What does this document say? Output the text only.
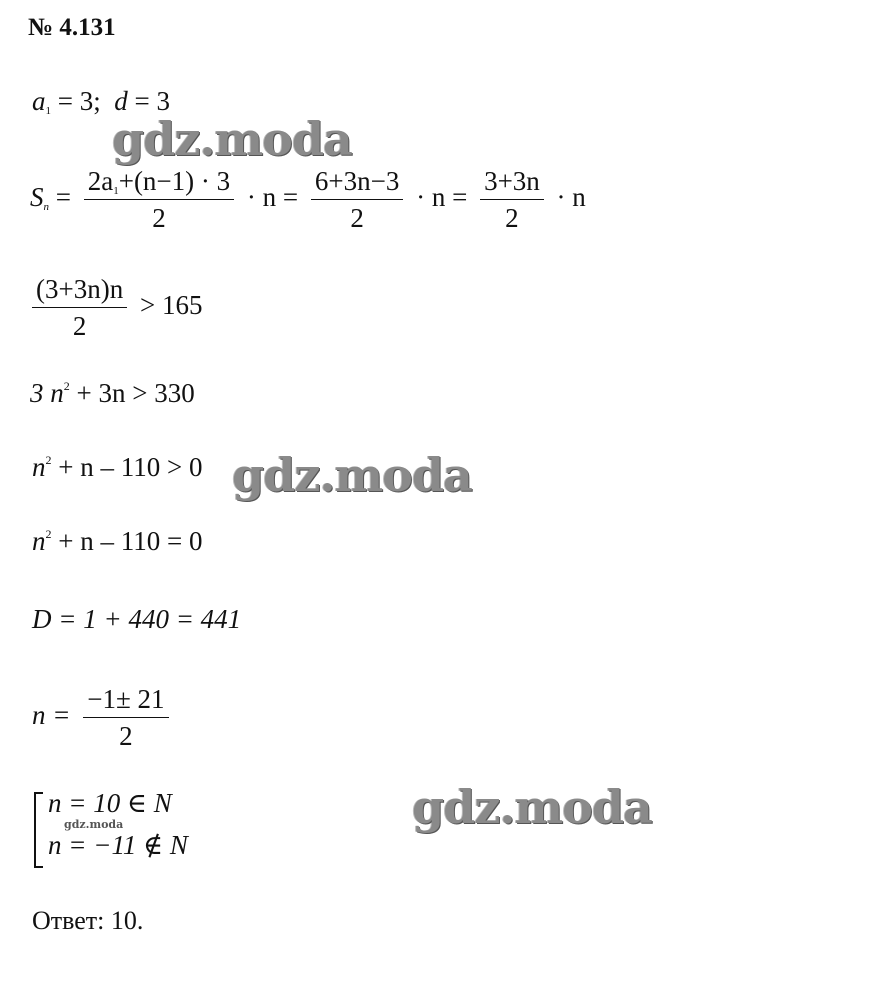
№ 4.131
$a_1 = 3$; d = 3
gdz.moda
$S_n = \frac{2a_1+(n-1) \cdot 3}{2} \cdot n = \frac{6+3n-3}{2} \cdot n = \frac{3+3n}{2} \cdot n$
$\frac{(3+3n)n}{2} > 165$
3 $n^2 + 3n > 330$
$n^2 + n - 110 > 0$ gdz.moda
$n^2 + n - 110 = 0$
D = 1 + 440 = 441
$n = \frac{-1\pm 21}{2}$
n = 10 ∈ N
gdz.moda
n = −11 ∉ N
gdz.moda
Ответ: 10.
